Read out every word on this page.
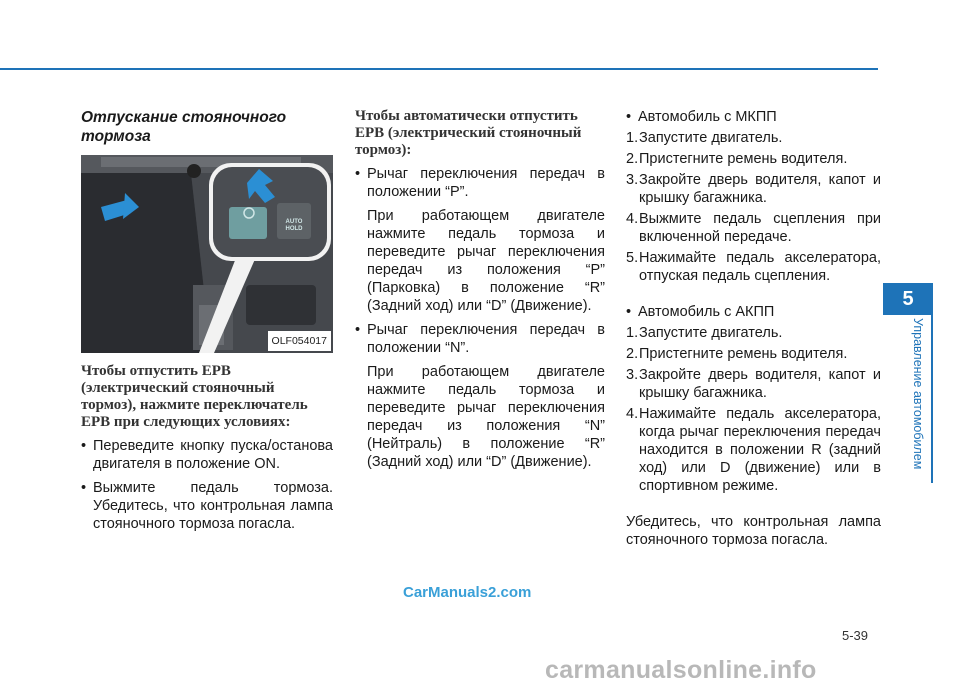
Отпускание стояночного тормоза
AUTO HOLD
OLF054017
Чтобы отпустить EPB (электрический стояночный тормоз), нажмите переключатель EPB при следующих условиях:
• Переведите кнопку пуска/останова двигателя в положение ON.
• Выжмите педаль тормоза. Убедитесь, что контрольная лампа стояночного тормоза погасла.
Чтобы автоматически отпустить EPB (электрический стояночный тормоз):
• Рычаг переключения передач в положении “P”.
При работающем двигателе нажмите педаль тормоза и переведите рычаг переключения передач из положения “P” (Парковка) в положение “R” (Задний ход) или “D” (Движение).
• Рычаг переключения передач в положении “N”.
При работающем двигателе нажмите педаль тормоза и переведите рычаг переключения передач из положения “N” (Нейтраль) в положение “R” (Задний ход) или “D” (Движение).
• Автомобиль с МКПП
1. Запустите двигатель.
2. Пристегните ремень водителя.
3. Закройте дверь водителя, капот и крышку багажника.
4. Выжмите педаль сцепления при включенной передаче.
5. Нажимайте педаль акселератора, отпуская педаль сцепления.
• Автомобиль с АКПП
1. Запустите двигатель.
2. Пристегните ремень водителя.
3. Закройте дверь водителя, капот и крышку багажника.
4. Нажимайте педаль акселератора, когда рычаг переключения передач находится в положении R (задний ход) или D (движение) или в спортивном режиме.
Убедитесь, что контрольная лампа стояночного тормоза погасла.
5
Управление автомобилем
5-39
CarManuals2.com
carmanualsonline.info
